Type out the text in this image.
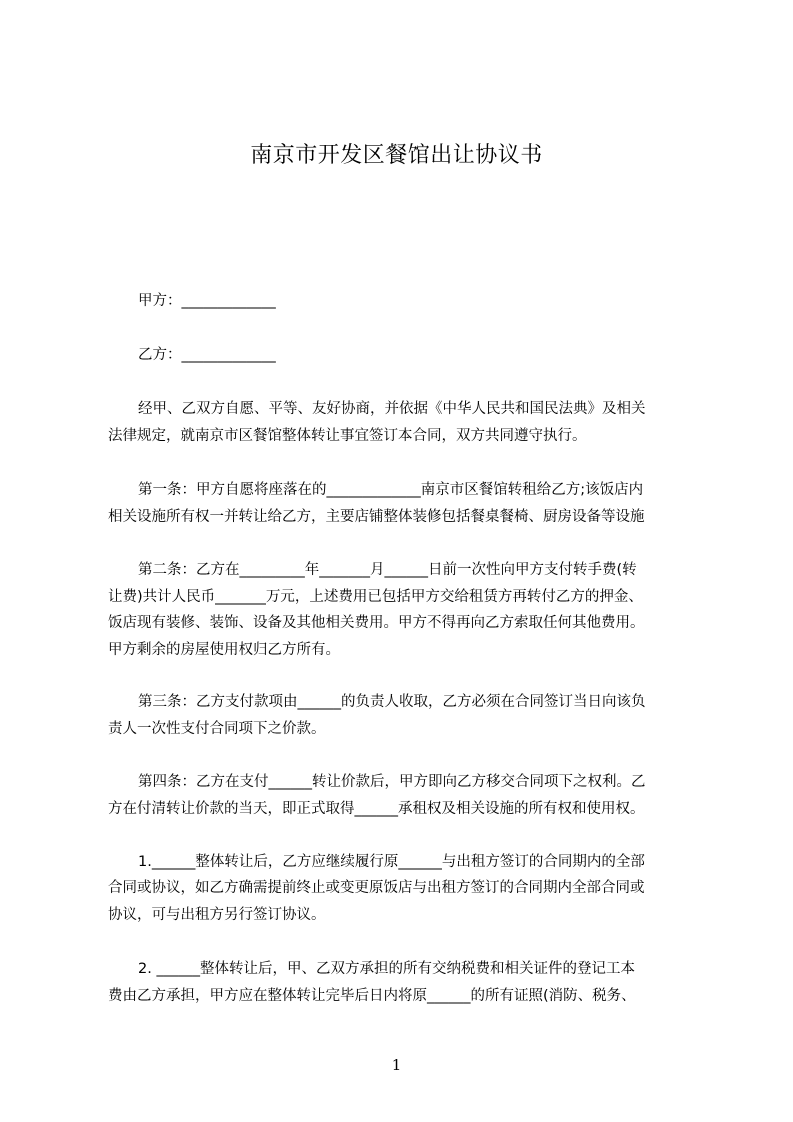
南京市开发区餐馆出让协议书
甲方：_____________
乙方：_____________
经甲、乙双方自愿、平等、友好协商，并依据《中华人民共和国民法典》及相关
法律规定，就南京市区餐馆整体转让事宜签订本合同，双方共同遵守执行。
第一条：甲方自愿将座落在的_____________南京市区餐馆转租给乙方;该饭店内
相关设施所有权一并转让给乙方，主要店铺整体装修包括餐桌餐椅、厨房设备等设施
第二条：乙方在_________年_______月______日前一次性向甲方支付转手费(转
让费)共计人民币_______万元，上述费用已包括甲方交给租赁方再转付乙方的押金、
饭店现有装修、装饰、设备及其他相关费用。甲方不得再向乙方索取任何其他费用。
甲方剩余的房屋使用权归乙方所有。
第三条：乙方支付款项由______的负责人收取，乙方必须在合同签订当日向该负
责人一次性支付合同项下之价款。
第四条：乙方在支付______转让价款后，甲方即向乙方移交合同项下之权利。乙
方在付清转让价款的当天，即正式取得______承租权及相关设施的所有权和使用权。
1.______整体转让后，乙方应继续履行原______与出租方签订的合同期内的全部
合同或协议，如乙方确需提前终止或变更原饭店与出租方签订的合同期内全部合同或
协议，可与出租方另行签订协议。
2. ______整体转让后，甲、乙双方承担的所有交纳税费和相关证件的登记工本
费由乙方承担，甲方应在整体转让完毕后日内将原______的所有证照(消防、税务、
1
